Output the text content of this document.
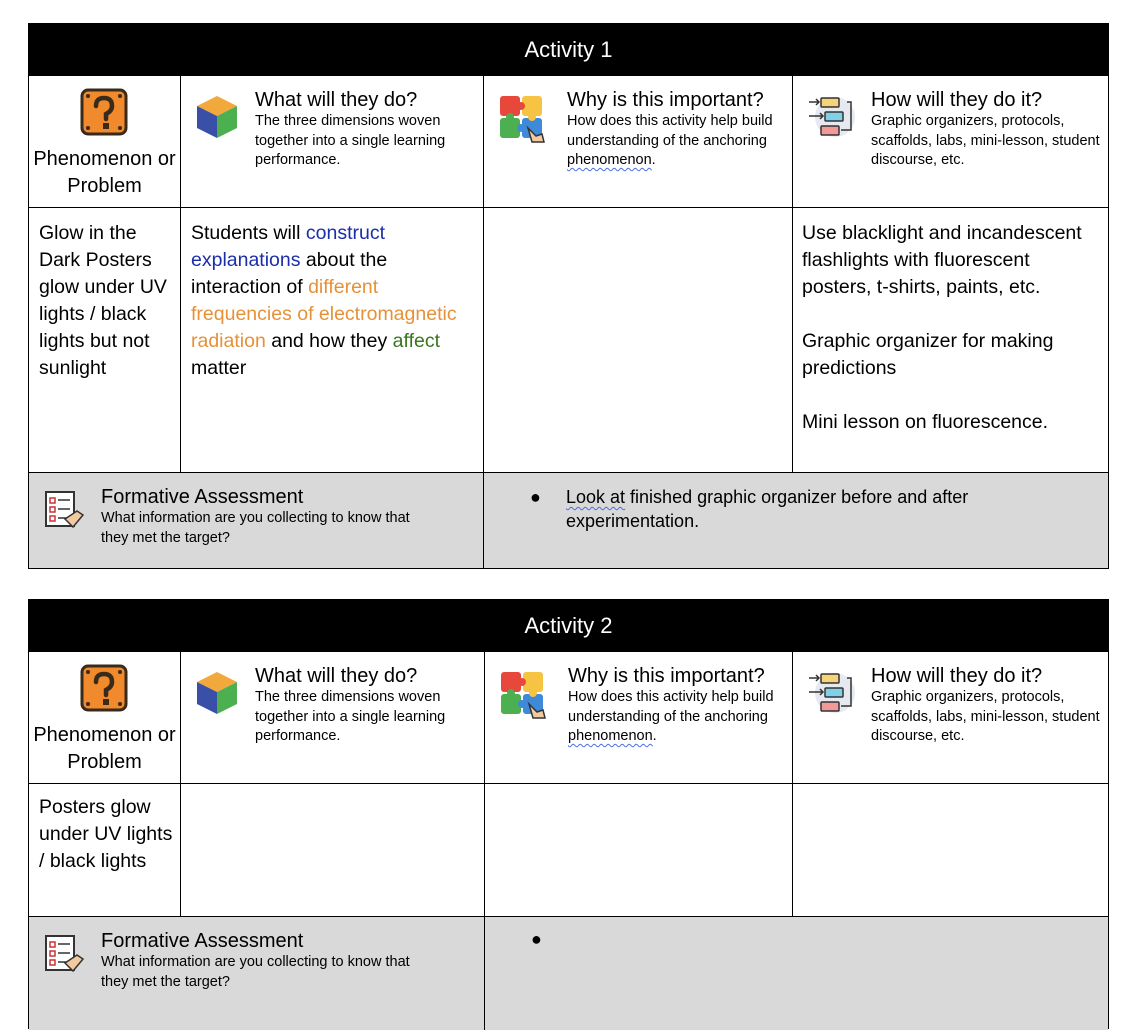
Activity 1
Phenomenon or Problem
What will they do?
The three dimensions woven together into a single learning performance.
Why is this important?
How does this activity help build understanding of the anchoring phenomenon.
How will they do it?
Graphic organizers, protocols, scaffolds, labs, mini-lesson, student discourse, etc.
Glow in the Dark Posters glow under UV lights / black lights but not sunlight
Students will construct explanations about the interaction of different frequencies of electromagnetic radiation and how they affect matter
Use blacklight and incandescent flashlights with fluorescent posters, t-shirts, paints, etc.
Graphic organizer for making predictions
Mini lesson on fluorescence.
Formative Assessment
What information are you collecting to know that they met the target?
●	Look at finished graphic organizer before and after experimentation.
Activity 2
Phenomenon or Problem
What will they do?
The three dimensions woven together into a single learning performance.
Why is this important?
How does this activity help build understanding of the anchoring phenomenon.
How will they do it?
Graphic organizers, protocols, scaffolds, labs, mini-lesson, student discourse, etc.
Posters glow under UV lights / black lights
Formative Assessment
What information are you collecting to know that they met the target?
●
